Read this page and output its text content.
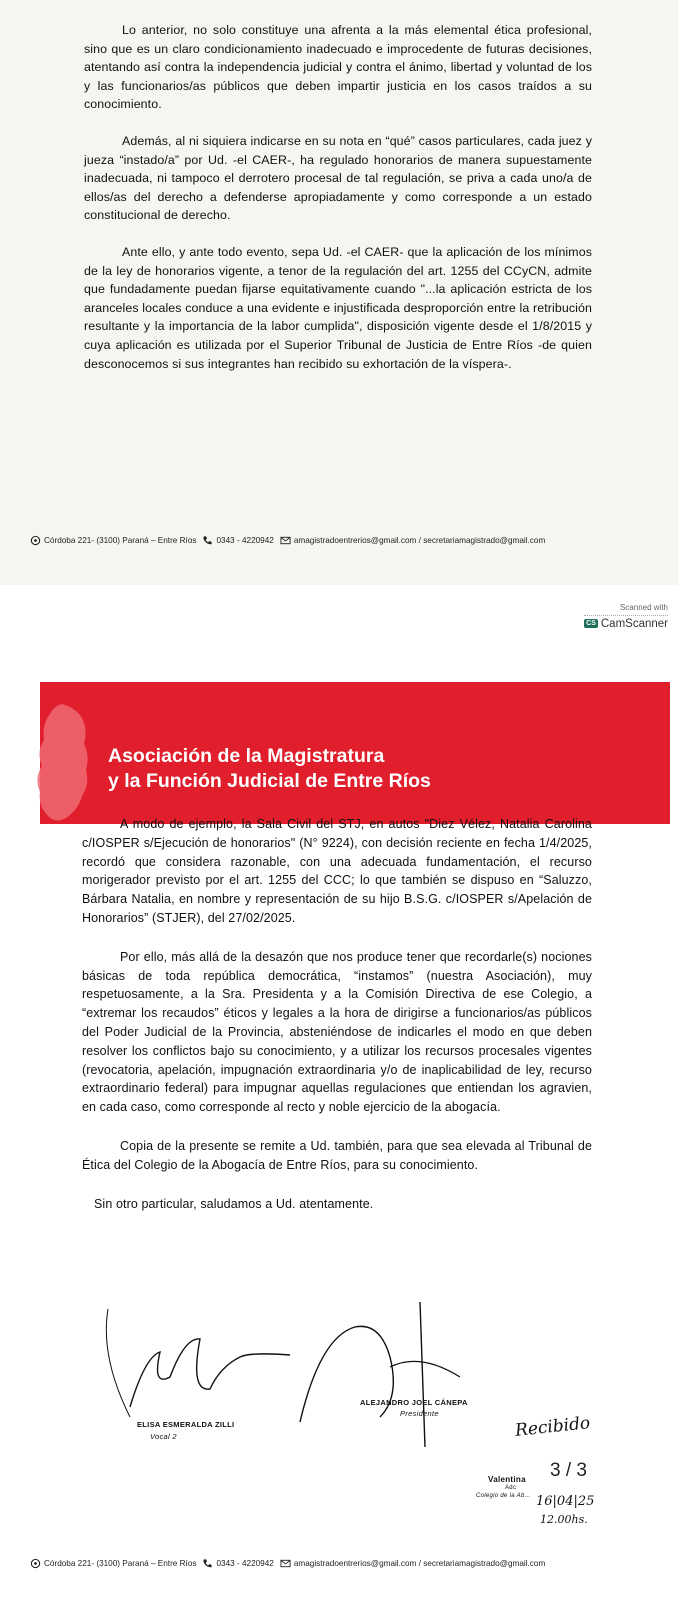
Lo anterior, no solo constituye una afrenta a la más elemental ética profesional, sino que es un claro condicionamiento inadecuado e improcedente de futuras decisiones, atentando así contra la independencia judicial y contra el ánimo, libertad y voluntad de los y las funcionarios/as públicos que deben impartir justicia en los casos traídos a su conocimiento.

Además, al ni siquiera indicarse en su nota en “qué” casos particulares, cada juez y jueza “instado/a” por Ud. -el CAER-, ha regulado honorarios de manera supuestamente inadecuada, ni tampoco el derrotero procesal de tal regulación, se priva a cada uno/a de ellos/as del derecho a defenderse apropiadamente y como corresponde a un estado constitucional de derecho.

Ante ello, y ante todo evento, sepa Ud. -el CAER- que la aplicación de los mínimos de la ley de honorarios vigente, a tenor de la regulación del art. 1255 del CCyCN, admite que fundadamente puedan fijarse equitativamente cuando "...la aplicación estricta de los aranceles locales conduce a una evidente e injustificada desproporción entre la retribución resultante y la importancia de la labor cumplida", disposición vigente desde el 1/8/2015 y cuya aplicación es utilizada por el Superior Tribunal de Justicia de Entre Ríos -de quien desconocemos si sus integrantes han recibido su exhortación de la víspera-.

Córdoba 221- (3100) Paraná – Entre Ríos 0343 - 4220942 amagistradoentrerios@gmail.com / secretariamagistrado@gmail.com
Scanned with
CS CamScanner
⚖
Asociación de la Magistratura
y la Función Judicial de Entre Ríos

A modo de ejemplo, la Sala Civil del STJ, en autos "Diez Vélez, Natalia Carolina c/IOSPER s/Ejecución de honorarios" (N° 9224), con decisión reciente en fecha 1/4/2025, recordó que considera razonable, con una adecuada fundamentación, el recurso morigerador previsto por el art. 1255 del CCC; lo que también se dispuso en “Saluzzo, Bárbara Natalia, en nombre y representación de su hijo B.S.G. c/IOSPER s/Apelación de Honorarios” (STJER), del 27/02/2025.

Por ello, más allá de la desazón que nos produce tener que recordarle(s) nociones básicas de toda república democrática, “instamos” (nuestra Asociación), muy respetuosamente, a la Sra. Presidenta y a la Comisión Directiva de ese Colegio, a “extremar los recaudos” éticos y legales a la hora de dirigirse a funcionarios/as públicos del Poder Judicial de la Provincia, absteniéndose de indicarles el modo en que deben resolver los conflictos bajo su conocimiento, y a utilizar los recursos procesales vigentes (revocatoria, apelación, impugnación extraordinaria y/o de inaplicabilidad de ley, recurso extraordinario federal) para impugnar aquellas regulaciones que entiendan los agravien, en cada caso, como corresponde al recto y noble ejercicio de la abogacía.

Copia de la presente se remite a Ud. también, para que sea elevada al Tribunal de Ética del Colegio de la Abogacía de Entre Ríos, para su conocimiento.

Sin otro particular, saludamos a Ud. atentamente.

ELISA ESMERALDA ZILLI
Vocal 2
ALEJANDRO JOEL CÁNEPA
Presidente	Recibido
Valentina
Adc
Colegio de la Ab...
3 / 3
16|04|25
12.00hs.
Córdoba 221- (3100) Paraná – Entre Ríos 0343 - 4220942 amagistradoentrerios@gmail.com / secretariamagistrado@gmail.com
